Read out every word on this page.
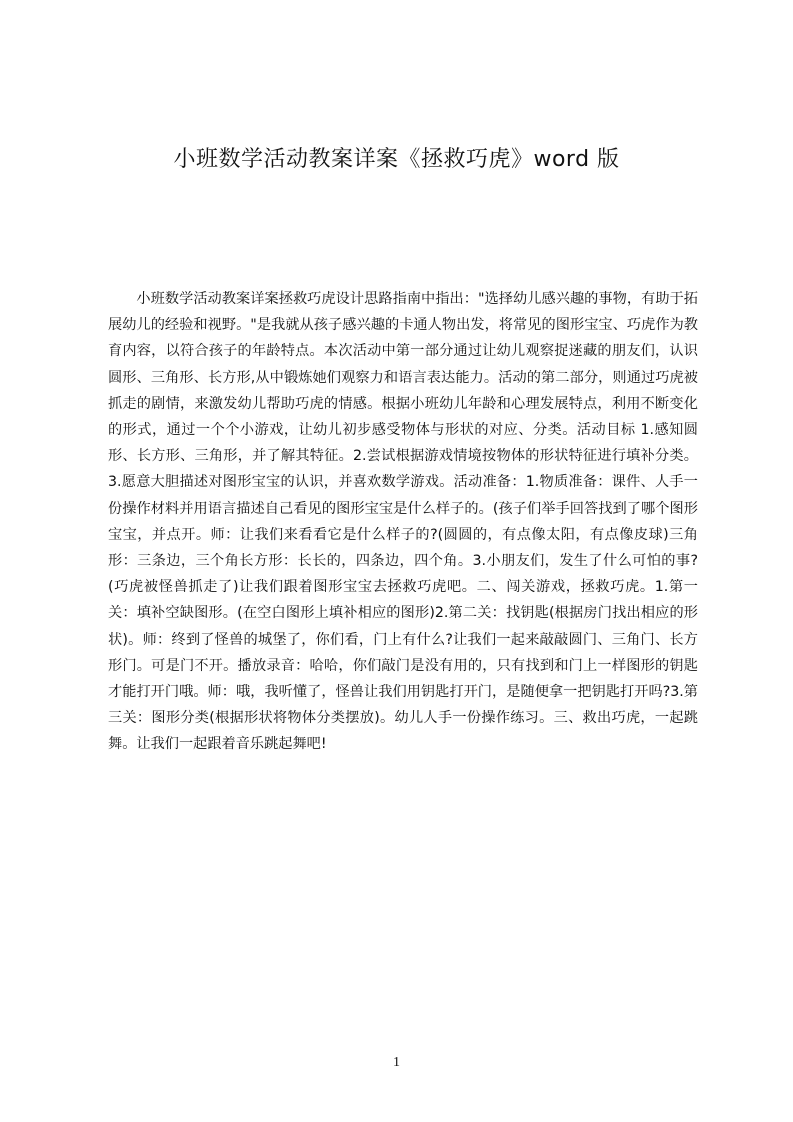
小班数学活动教案详案《拯救巧虎》word 版

小班数学活动教案详案拯救巧虎设计思路指南中指出："选择幼儿感兴趣的事物，有助于拓展幼儿的经验和视野。"是我就从孩子感兴趣的卡通人物出发，将常见的图形宝宝、巧虎作为教育内容，以符合孩子的年龄特点。本次活动中第一部分通过让幼儿观察捉迷藏的朋友们，认识圆形、三角形、长方形,从中锻炼她们观察力和语言表达能力。活动的第二部分，则通过巧虎被抓走的剧情，来激发幼儿帮助巧虎的情感。根据小班幼儿年龄和心理发展特点，利用不断变化的形式，通过一个个小游戏，让幼儿初步感受物体与形状的对应、分类。活动目标 1.感知圆形、长方形、三角形，并了解其特征。2.尝试根据游戏情境按物体的形状特征进行填补分类。3.愿意大胆描述对图形宝宝的认识，并喜欢数学游戏。活动准备：1.物质准备：课件、人手一份操作材料并用语言描述自己看见的图形宝宝是什么样子的。(孩子们举手回答找到了哪个图形宝宝，并点开。师：让我们来看看它是什么样子的?(圆圆的，有点像太阳，有点像皮球)三角形：三条边，三个角长方形：长长的，四条边，四个角。3.小朋友们，发生了什么可怕的事?(巧虎被怪兽抓走了)让我们跟着图形宝宝去拯救巧虎吧。二、闯关游戏，拯救巧虎。1.第一关：填补空缺图形。(在空白图形上填补相应的图形)2.第二关：找钥匙(根据房门找出相应的形状)。师：终到了怪兽的城堡了，你们看，门上有什么?让我们一起来敲敲圆门、三角门、长方形门。可是门不开。播放录音：哈哈，你们敲门是没有用的，只有找到和门上一样图形的钥匙才能打开门哦。师：哦，我听懂了，怪兽让我们用钥匙打开门，是随便拿一把钥匙打开吗?3.第三关：图形分类(根据形状将物体分类摆放)。幼儿人手一份操作练习。三、救出巧虎，一起跳舞。让我们一起跟着音乐跳起舞吧!

1
